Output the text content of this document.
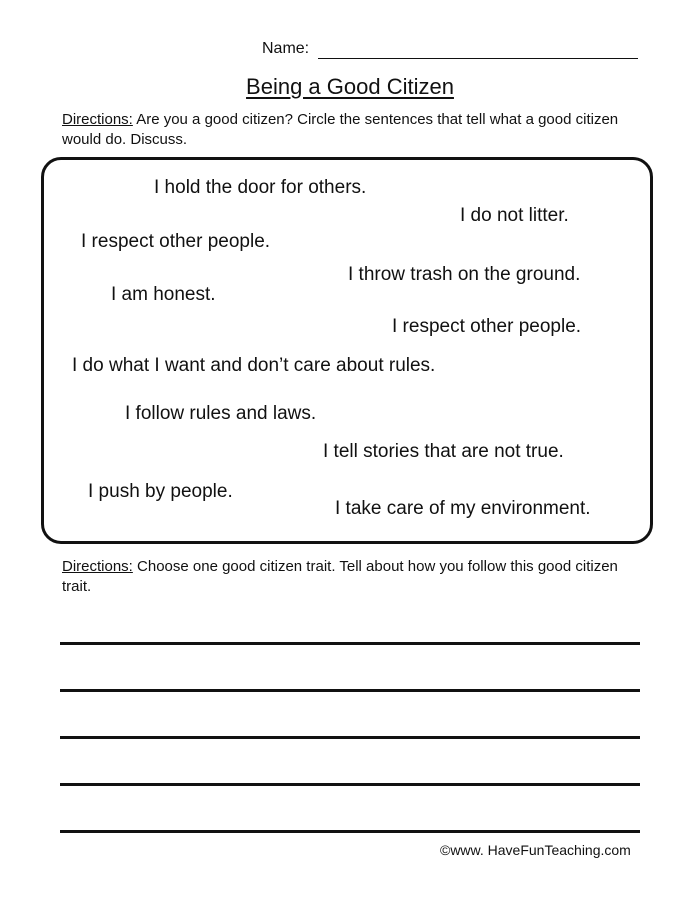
Name:
Being a Good Citizen
Directions: Are you a good citizen? Circle the sentences that tell what a good citizen would do. Discuss.
I hold the door for others.
I do not litter.
I respect other people.
I throw trash on the ground.
I am honest.
I respect other people.
I do what I want and don’t care about rules.
I follow rules and laws.
I tell stories that are not true.
I push by people.
I take care of my environment.
Directions: Choose one good citizen trait. Tell about how you follow this good citizen trait.
©www. HaveFunTeaching.com
